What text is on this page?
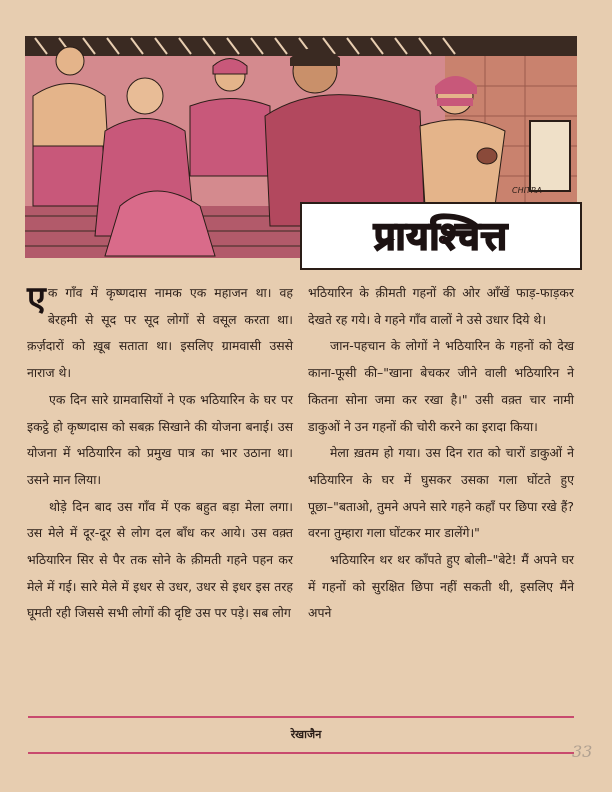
CHITRA
प्रायश्चित्त

एक गाँव में कृष्णदास नामक एक महाजन था। वह बेरहमी से सूद पर सूद लोगों से वसूल करता था। क़र्ज़दारों को ख़ूब सताता था। इसलिए ग्रामवासी उससे नाराज थे।

एक दिन सारे ग्रामवासियों ने एक भठियारिन के घर पर इकट्ठे हो कृष्णदास को सबक़ सिखाने की योजना बनाई। उस योजना में भठियारिन को प्रमुख पात्र का भार उठाना था। उसने मान लिया।

थोड़े दिन बाद उस गाँव में एक बहुत बड़ा मेला लगा। उस मेले में दूर-दूर से लोग दल बाँध कर आये। उस वक़्त भठियारिन सिर से पैर तक सोने के क़ीमती गहने पहन कर मेले में गई। सारे मेले में इधर से उधर, उधर से इधर इस तरह घूमती रही जिससे सभी लोगों की दृष्टि उस पर पड़े। सब लोग

भठियारिन के क़ीमती गहनों की ओर आँखें फाड़-फाड़कर देखते रह गये। वे गहने गाँव वालों ने उसे उधार दिये थे।

जान-पहचान के लोगों ने भठियारिन के गहनों को देख काना-फूसी की–"खाना बेचकर जीने वाली भठियारिन ने कितना सोना जमा कर रखा है।" उसी वक़्त चार नामी डाकुओं ने उन गहनों की चोरी करने का इरादा किया।

मेला ख़तम हो गया। उस दिन रात को चारों डाकुओं ने भठियारिन के घर में घुसकर उसका गला घोंटते हुए पूछा–"बताओ, तुमने अपने सारे गहने कहाँ पर छिपा रखे हैं? वरना तुम्हारा गला घोंटकर मार डालेंगे।"

भठियारिन थर थर काँपते हुए बोली–"बेटे! मैं अपने घर में गहनों को सुरक्षित छिपा नहीं सकती थी, इसलिए मैंने अपने

रेखाजैन
33
